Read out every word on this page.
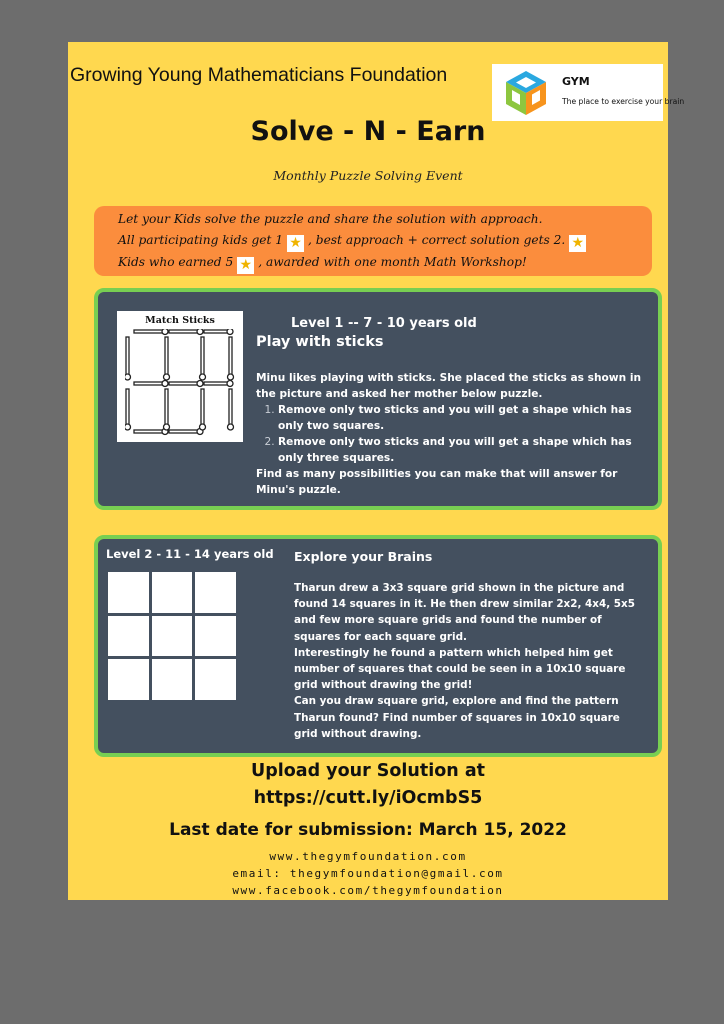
Growing Young Mathematicians Foundation	GYM
The place to exercise your brain
Solve - N - Earn
Monthly Puzzle Solving Event
Let your Kids solve the puzzle and share the solution with approach.
All participating kids get 1 ★ , best approach + correct solution gets 2. ★
Kids who earned 5 ★ , awarded with one month Math Workshop!
Match Sticks	Level 1 -- 7 - 10 years old
Play with sticks

Minu likes playing with sticks. She placed the sticks as shown in the picture and asked her mother below puzzle.

1. Remove only two sticks and you will get a shape which has only two squares.
2. Remove only two sticks and you will get a shape which has only three squares.

Find as many possibilities you can make that will answer for Minu's puzzle.

Level 2 - 11 - 14 years old Explore your Brains

Tharun drew a 3x3 square grid shown in the picture and found 14 squares in it. He then drew similar 2x2, 4x4, 5x5 and few more square grids and found the number of squares for each square grid.

Interestingly he found a pattern which helped him get number of squares that could be seen in a 10x10 square grid without drawing the grid!

Can you draw square grid, explore and find the pattern Tharun found? Find number of squares in 10x10 square grid without drawing.

Upload your Solution at
https://cutt.ly/iOcmbS5
Last date for submission: March 15, 2022
www.thegymfoundation.com
email: thegymfoundation@gmail.com
www.facebook.com/thegymfoundation
